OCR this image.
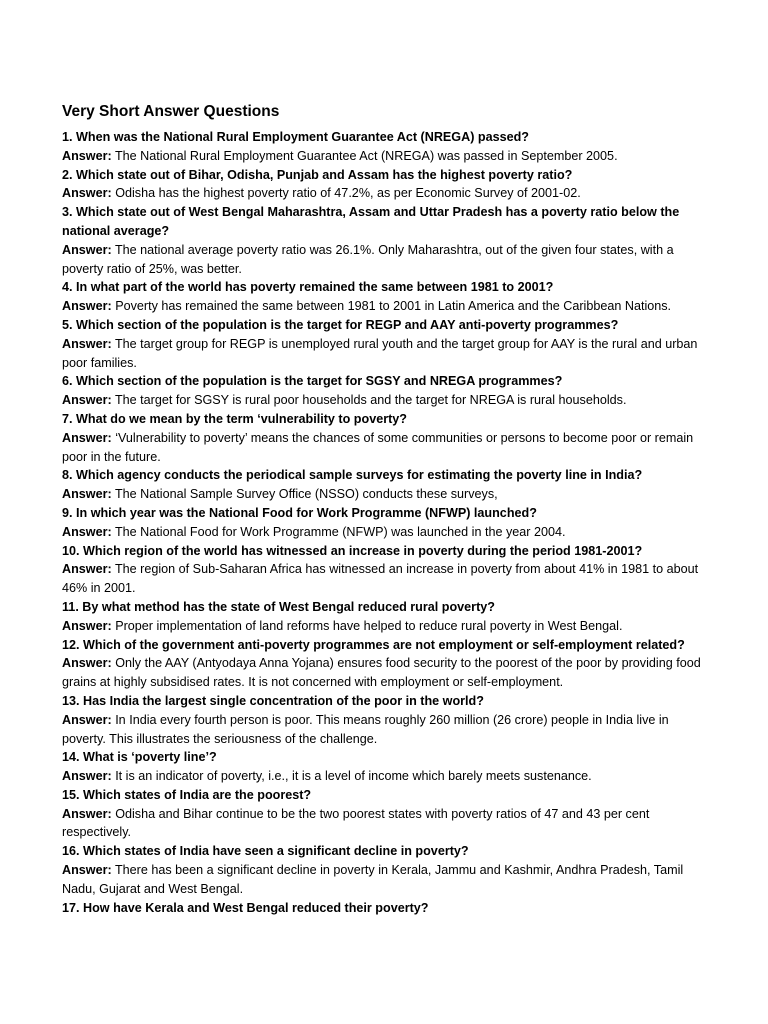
Very Short Answer Questions

1. When was the National Rural Employment Guarantee Act (NREGA) passed?

Answer: The National Rural Employment Guarantee Act (NREGA) was passed in September 2005.

2. Which state out of Bihar, Odisha, Punjab and Assam has the highest poverty ratio?

Answer: Odisha has the highest poverty ratio of 47.2%, as per Economic Survey of 2001-02.

3. Which state out of West Bengal Maharashtra, Assam and Uttar Pradesh has a poverty ratio below the national average?

Answer: The national average poverty ratio was 26.1%. Only Maharashtra, out of the given four states, with a poverty ratio of 25%, was better.

4. In what part of the world has poverty remained the same between 1981 to 2001?

Answer: Poverty has remained the same between 1981 to 2001 in Latin America and the Caribbean Nations.

5. Which section of the population is the target for REGP and AAY anti-poverty programmes?

Answer: The target group for REGP is unemployed rural youth and the target group for AAY is the rural and urban poor families.

6. Which section of the population is the target for SGSY and NREGA programmes?

Answer: The target for SGSY is rural poor households and the target for NREGA is rural households.

7. What do we mean by the term ‘vulnerability to poverty?

Answer: ‘Vulnerability to poverty’ means the chances of some communities or persons to become poor or remain poor in the future.

8. Which agency conducts the periodical sample surveys for estimating the poverty line in India?

Answer: The National Sample Survey Office (NSSO) conducts these surveys,

9. In which year was the National Food for Work Programme (NFWP) launched?

Answer: The National Food for Work Programme (NFWP) was launched in the year 2004.

10. Which region of the world has witnessed an increase in poverty during the period 1981-2001?

Answer: The region of Sub-Saharan Africa has witnessed an increase in poverty from about 41% in 1981 to about 46% in 2001.

11. By what method has the state of West Bengal reduced rural poverty?

Answer: Proper implementation of land reforms have helped to reduce rural poverty in West Bengal.

12. Which of the government anti-poverty programmes are not employment or self-employment related?

Answer: Only the AAY (Antyodaya Anna Yojana) ensures food security to the poorest of the poor by providing food grains at highly subsidised rates. It is not concerned with employment or self-employment.

13. Has India the largest single concentration of the poor in the world?

Answer: In India every fourth person is poor. This means roughly 260 million (26 crore) people in India live in poverty. This illustrates the seriousness of the challenge.

14. What is ‘poverty line’?

Answer: It is an indicator of poverty, i.e., it is a level of income which barely meets sustenance.

15. Which states of India are the poorest?

Answer: Odisha and Bihar continue to be the two poorest states with poverty ratios of 47 and 43 per cent respectively.

16. Which states of India have seen a significant decline in poverty?

Answer: There has been a significant decline in poverty in Kerala, Jammu and Kashmir, Andhra Pradesh, Tamil Nadu, Gujarat and West Bengal.

17. How have Kerala and West Bengal reduced their poverty?
